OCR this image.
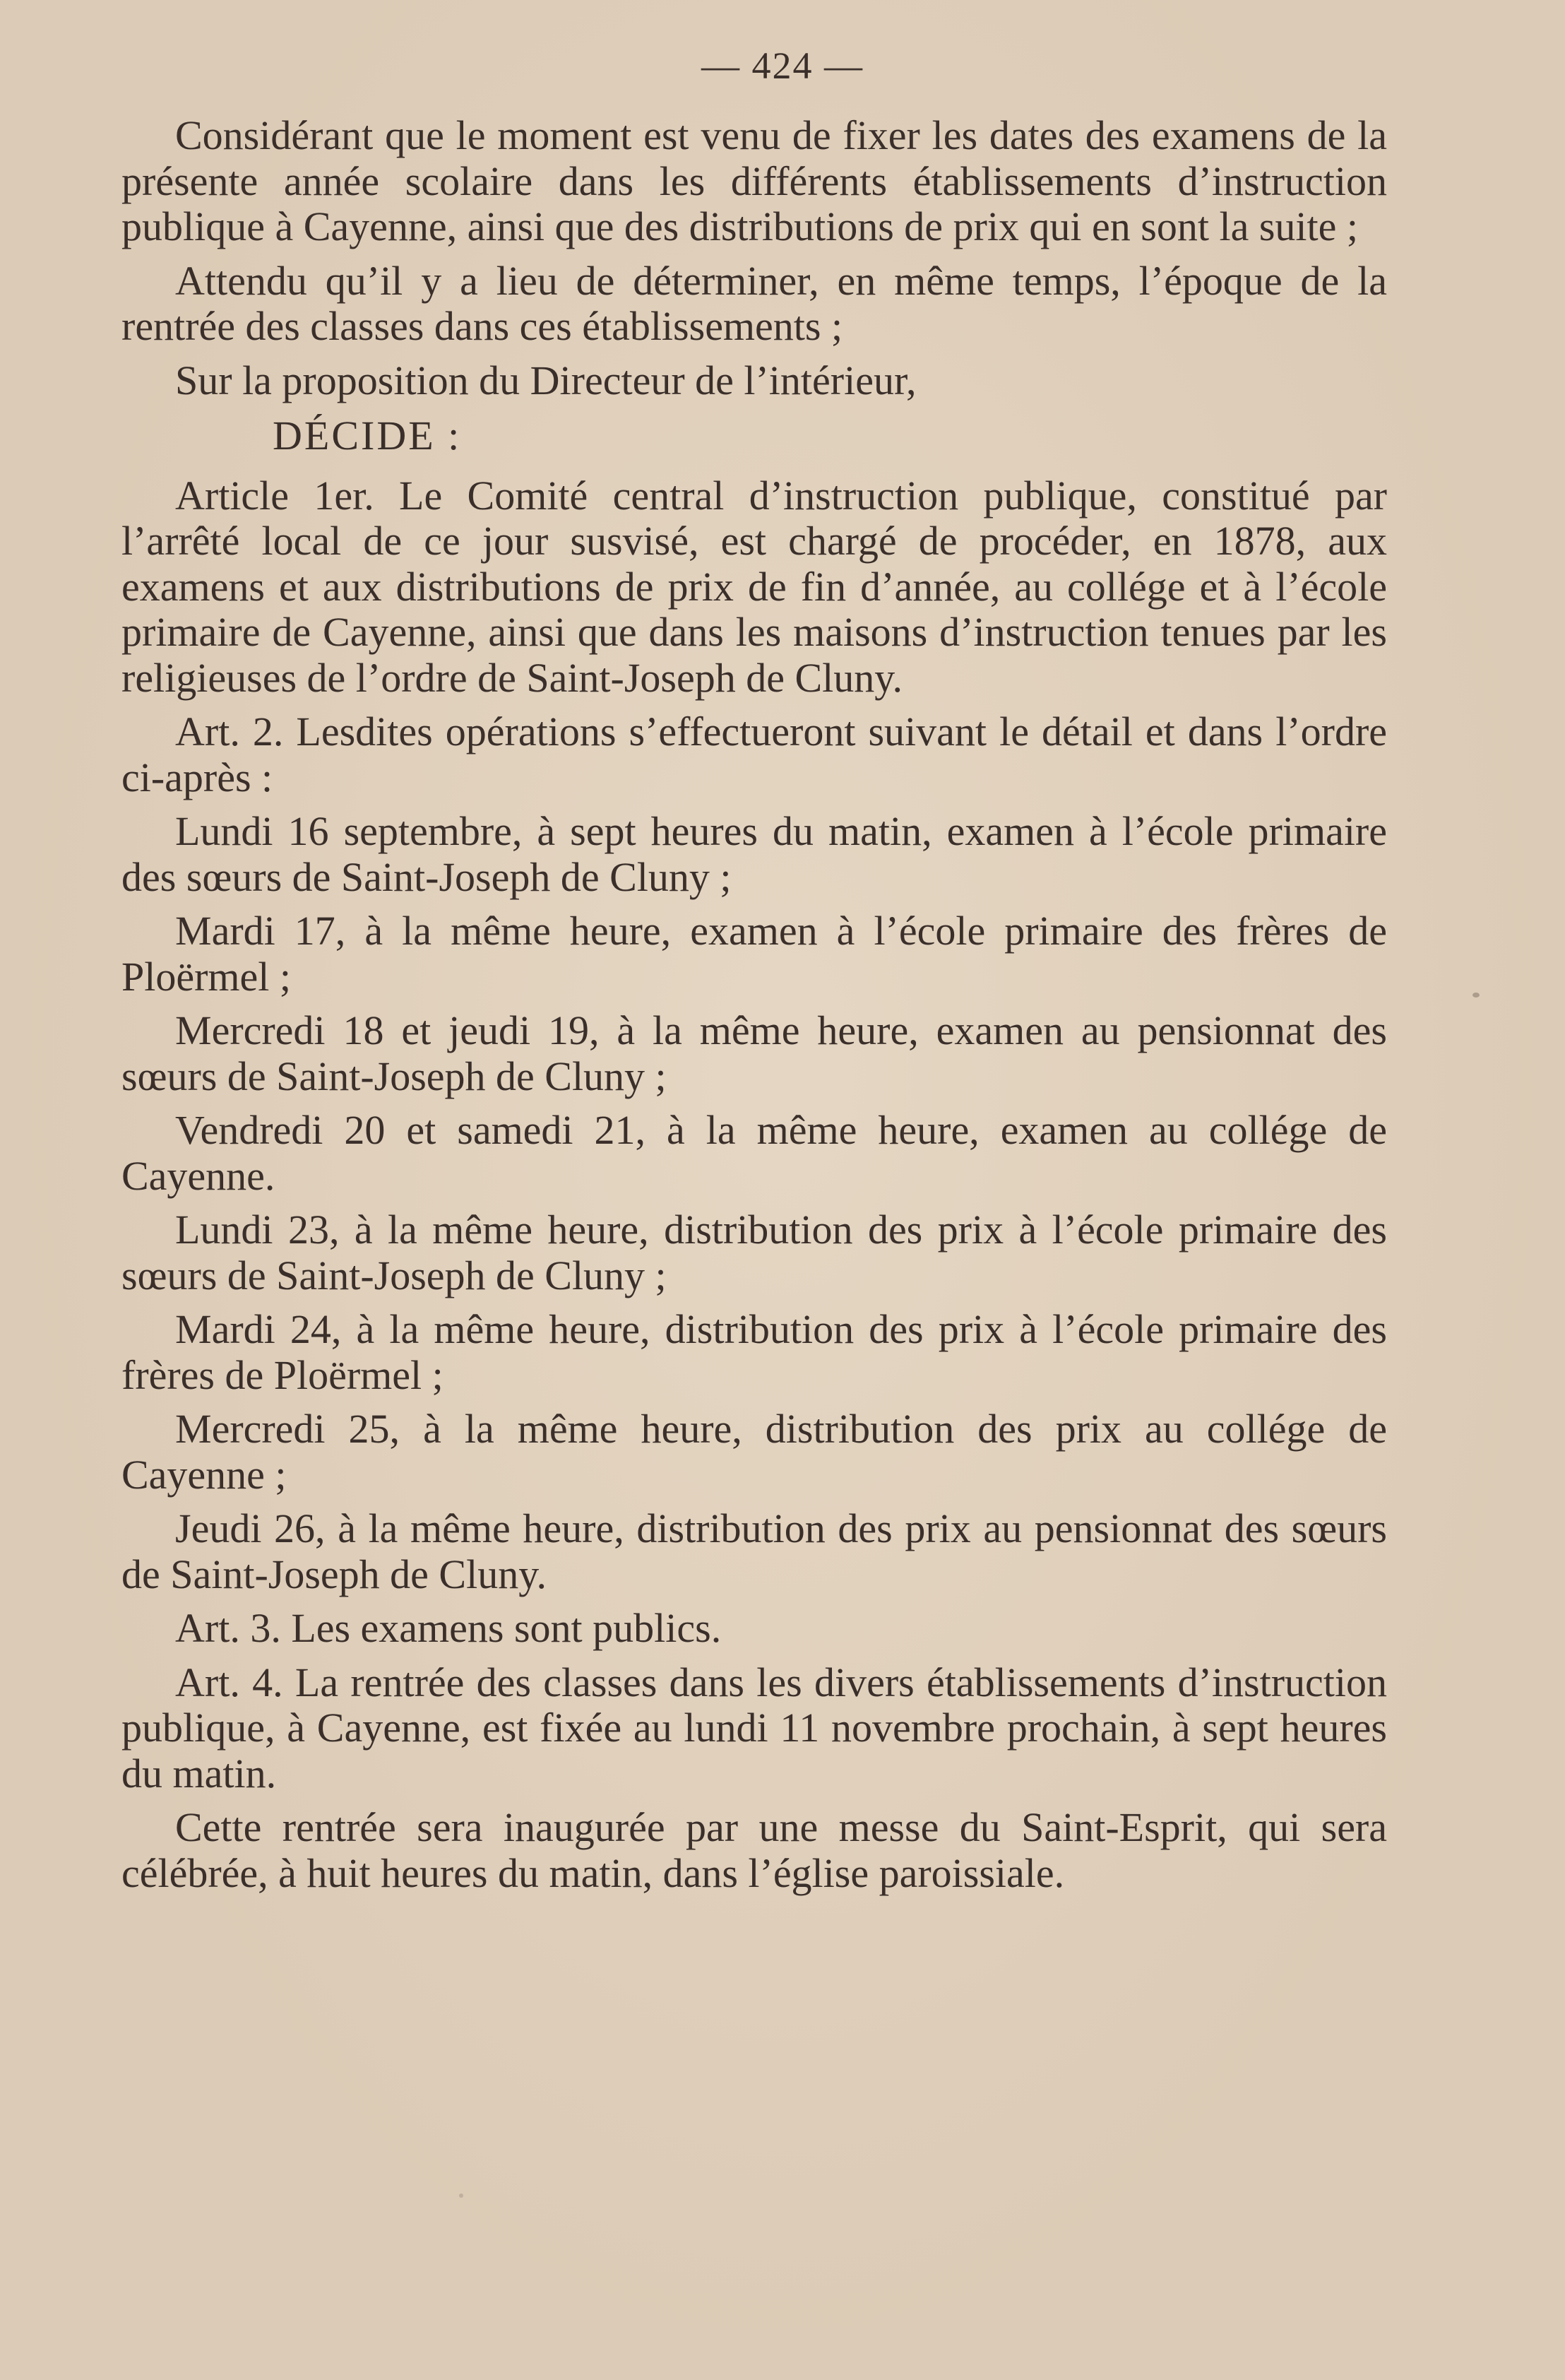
— 424 —

Considérant que le moment est venu de fixer les dates des examens de la présente année scolaire dans les différents établissements d’instruction publique à Cayenne, ainsi que des distributions de prix qui en sont la suite ;

Attendu qu’il y a lieu de déterminer, en même temps, l’époque de la rentrée des classes dans ces établissements ;

Sur la proposition du Directeur de l’intérieur,

DÉCIDE :

Article 1er. Le Comité central d’instruction publique, constitué par l’arrêté local de ce jour susvisé, est chargé de procéder, en 1878, aux examens et aux distributions de prix de fin d’année, au collége et à l’école primaire de Cayenne, ainsi que dans les maisons d’instruction tenues par les religieuses de l’ordre de Saint-Joseph de Cluny.

Art. 2. Lesdites opérations s’effectueront suivant le détail et dans l’ordre ci-après :

Lundi 16 septembre, à sept heures du matin, examen à l’école primaire des sœurs de Saint-Joseph de Cluny ;

Mardi 17, à la même heure, examen à l’école primaire des frères de Ploërmel ;

Mercredi 18 et jeudi 19, à la même heure, examen au pensionnat des sœurs de Saint-Joseph de Cluny ;

Vendredi 20 et samedi 21, à la même heure, examen au collége de Cayenne.

Lundi 23, à la même heure, distribution des prix à l’école primaire des sœurs de Saint-Joseph de Cluny ;

Mardi 24, à la même heure, distribution des prix à l’école primaire des frères de Ploërmel ;

Mercredi 25, à la même heure, distribution des prix au collége de Cayenne ;

Jeudi 26, à la même heure, distribution des prix au pensionnat des sœurs de Saint-Joseph de Cluny.

Art. 3. Les examens sont publics.

Art. 4. La rentrée des classes dans les divers établissements d’instruction publique, à Cayenne, est fixée au lundi 11 novembre prochain, à sept heures du matin.

Cette rentrée sera inaugurée par une messe du Saint-Esprit, qui sera célébrée, à huit heures du matin, dans l’église paroissiale.
